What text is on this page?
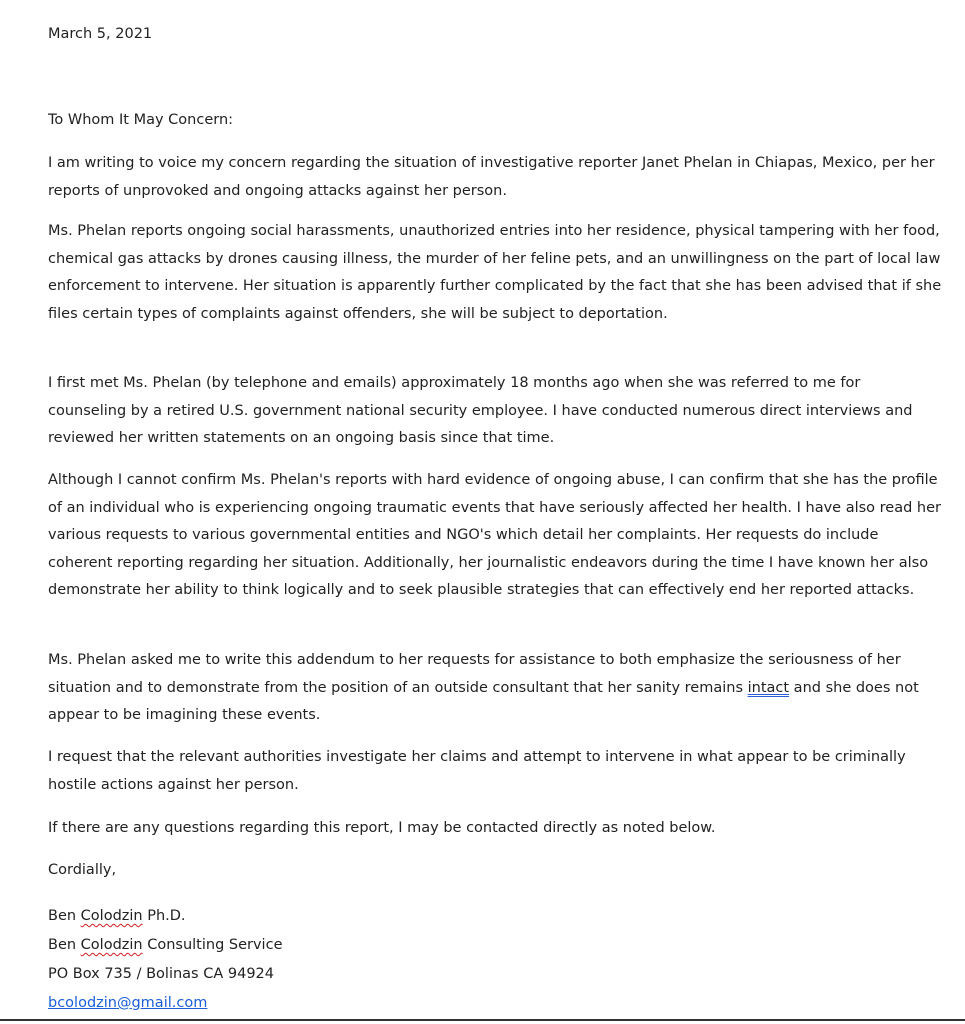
March 5, 2021
To Whom It May Concern:

I am writing to voice my concern regarding the situation of investigative reporter Janet Phelan in Chiapas, Mexico, per her reports of unprovoked and ongoing attacks against her person.

Ms. Phelan reports ongoing social harassments, unauthorized entries into her residence, physical tampering with her food, chemical gas attacks by drones causing illness, the murder of her feline pets, and an unwillingness on the part of local law enforcement to intervene. Her situation is apparently further complicated by the fact that she has been advised that if she files certain types of complaints against offenders, she will be subject to deportation.

I first met Ms. Phelan (by telephone and emails) approximately 18 months ago when she was referred to me for counseling by a retired U.S. government national security employee. I have conducted numerous direct interviews and reviewed her written statements on an ongoing basis since that time.

Although I cannot confirm Ms. Phelan's reports with hard evidence of ongoing abuse, I can confirm that she has the profile of an individual who is experiencing ongoing traumatic events that have seriously affected her health. I have also read her various requests to various governmental entities and NGO's which detail her complaints. Her requests do include coherent reporting regarding her situation. Additionally, her journalistic endeavors during the time I have known her also demonstrate her ability to think logically and to seek plausible strategies that can effectively end her reported attacks.

Ms. Phelan asked me to write this addendum to her requests for assistance to both emphasize the seriousness of her situation and to demonstrate from the position of an outside consultant that her sanity remains intact and she does not appear to be imagining these events.

I request that the relevant authorities investigate her claims and attempt to intervene in what appear to be criminally hostile actions against her person.

If there are any questions regarding this report, I may be contacted directly as noted below.

Cordially,
Ben Colodzin Ph.D.
Ben Colodzin Consulting Service
PO Box 735 / Bolinas CA 94924
bcolodzin@gmail.com
